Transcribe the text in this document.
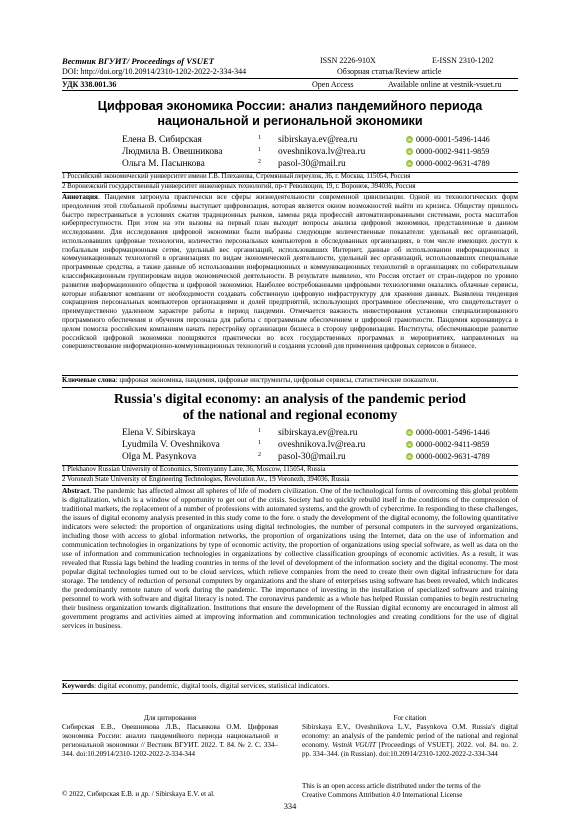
Вестник ВГУИТ/ Proceedings of VSUET	ISSN 2226-910X	E-ISSN 2310-1202
DOI: http://doi.org/10.20914/2310-1202-2022-2-334-344	Обзорная статья/Review article
УДК 338.001.36	Open Access	Available online at vestnik-vsuet.ru
Цифровая экономика России: анализ пандемийного периода
национальной и региональной экономики
Елена В. Сибирская	1 sibirskaya.ev@rea.ru	iD 0000-0001-5496-1446
Людмила В. Овешникова	1 oveshnikova.lv@rea.ru	iD 0000-0002-9411-9859
Ольга М. Пасынкова	2 pasol-30@mail.ru	iD 0000-0002-9631-4789
1 Российский экономический университет имени Г.В. Плеханова, Стремянный переулок, 36, г. Москва, 115054, Россия
2 Воронежский государственный университет инженерных технологий, пр-т Революции, 19, г. Воронеж, 394036, Россия
Аннотация. Пандемия затронула практически все сферы жизнедеятельности современной цивилизации. Одной из технологических форм преодоления этой глобальной проблемы выступает цифровизация, которая является окном возможностей выйти из кризиса. Обществу пришлось быстро перестраиваться в условиях сжатия традиционных рынков, замены ряда профессий автоматизированными системами, роста масштабов киберпреступности. При этом на эти вызовы на первый план выходят вопросы анализа цифровой экономики, представленные в данном исследовании. Для исследования цифровой экономики были выбраны следующие количественные показатели: удельный вес организаций, использовавших цифровые технологии, количество персональных компьютеров в обследованных организациях, в том числе имеющих доступ к глобальным информационным сетям, удельный вес организаций, использовавших Интернет, данные об использовании информационных и коммуникационных технологий в организациях по видам экономической деятельности, удельный вес организаций, использовавших специальные программные средства, а также данные об использовании информационных и коммуникационных технологий в организациях по собирательным классификационным группировкам видов экономической деятельности. В результате выявлено, что Россия отстает от стран-лидеров по уровню развития информационного общества и цифровой экономики. Наиболее востребованными цифровыми технологиями оказались облачные сервисы, которые избавляют компании от необходимости создавать собственную цифровую инфраструктуру для хранения данных. Выявлена тенденция сокращения персональных компьютеров организациями и долей предприятий, использующих программное обеспечение, что свидетельствует о преимущественно удаленном характере работы в период пандемии. Отмечается важность инвестирования установки специализированного программного обеспечения и обучения персонала для работы с программным обеспечением и цифровой грамотности. Пандемия коронавируса в целом помогла российским компаниям начать перестройку организации бизнеса в сторону цифровизации. Институты, обеспечивающие развитие российской цифровой экономики поощряются практически во всех государственных программах и мероприятиях, направленных на совершенствование информационно-коммуникационных технологий и создания условий для применения цифровых сервисов в бизнесе.
Ключевые слова: цифровая экономика, пандемия, цифровые инструменты, цифровые сервисы, статистические показатели.
Russia's digital economy: an analysis of the pandemic period
of the national and regional economy
Elena V. Sibirskaya	1 sibirskaya.ev@rea.ru	iD 0000-0001-5496-1446
Lyudmila V. Oveshnikova	1 oveshnikova.lv@rea.ru	iD 0000-0002-9411-9859
Olga M. Pasynkova	2 pasol-30@mail.ru	iD 0000-0002-9631-4789
1 Plekhanov Russian University of Economics, Stremyanny Lane, 36, Moscow, 115054, Russia
2 Voronezh State University of Engineering Technologies, Revolution Av., 19 Voronezh, 394036, Russia
Abstract. The pandemic has affected almost all spheres of life of modern civilization. One of the technological forms of overcoming this global problem is digitalization, which is a window of opportunity to get out of the crisis. Society had to quickly rebuild itself in the conditions of the compression of traditional markets, the replacement of a number of professions with automated systems, and the growth of cybercrime. In responding to these challenges, the issues of digital economy analysis presented in this study come to the fore. o study the development of the digital economy, the following quantitative indicators were selected: the proportion of organizations using digital technologies, the number of personal computers in the surveyed organizations, including those with access to global information networks, the proportion of organizations using the Internet, data on the use of information and communication technologies in organizations by type of economic activity, the proportion of organizations using special software, as well as data on the use of information and communication technologies in organizations by collective classification groupings of economic activities. As a result, it was revealed that Russia lags behind the leading countries in terms of the level of development of the information society and the digital economy. The most popular digital technologies turned out to be cloud services, which relieve companies from the need to create their own digital infrastructure for data storage. The tendency of reduction of personal computers by organizations and the share of enterprises using software has been revealed, which indicates the predominantly remote nature of work during the pandemic. The importance of investing in the installation of specialized software and training personnel to work with software and digital literacy is noted. The coronavirus pandemic as a whole has helped Russian companies to begin restructuring their business organization towards digitalization. Institutions that ensure the development of the Russian digital economy are encouraged in almost all government programs and activities aimed at improving information and communication technologies and creating conditions for the use of digital services in business.
Keywords: digital economy, pandemic, digital tools, digital services, statistical indicators.
Для цитирования
Сибирская Е.В., Овешникова Л.В., Пасынкова О.М. Цифровая экономика России: анализ пандемийного периода национальной и региональной экономики // Вестник ВГУИТ. 2022. Т. 84. № 2. С. 334–344. doi:10.20914/2310-1202-2022-2-334-344
For citation
Sibirskaya E.V., Oveshnikova L.V., Pasynkova O.M. Russia's digital economy: an analysis of the pandemic period of the national and regional economy. Vestnik VGUIT [Proceedings of VSUET]. 2022. vol. 84. no. 2. pp. 334–344. (in Russian). doi:10.20914/2310-1202-2022-2-334-344
© 2022, Сибирская Е.В. и др. / Sibirskaya E.V. et al.
This is an open access article distributed under the terms of the
Creative Commons Attribution 4.0 International License
334
